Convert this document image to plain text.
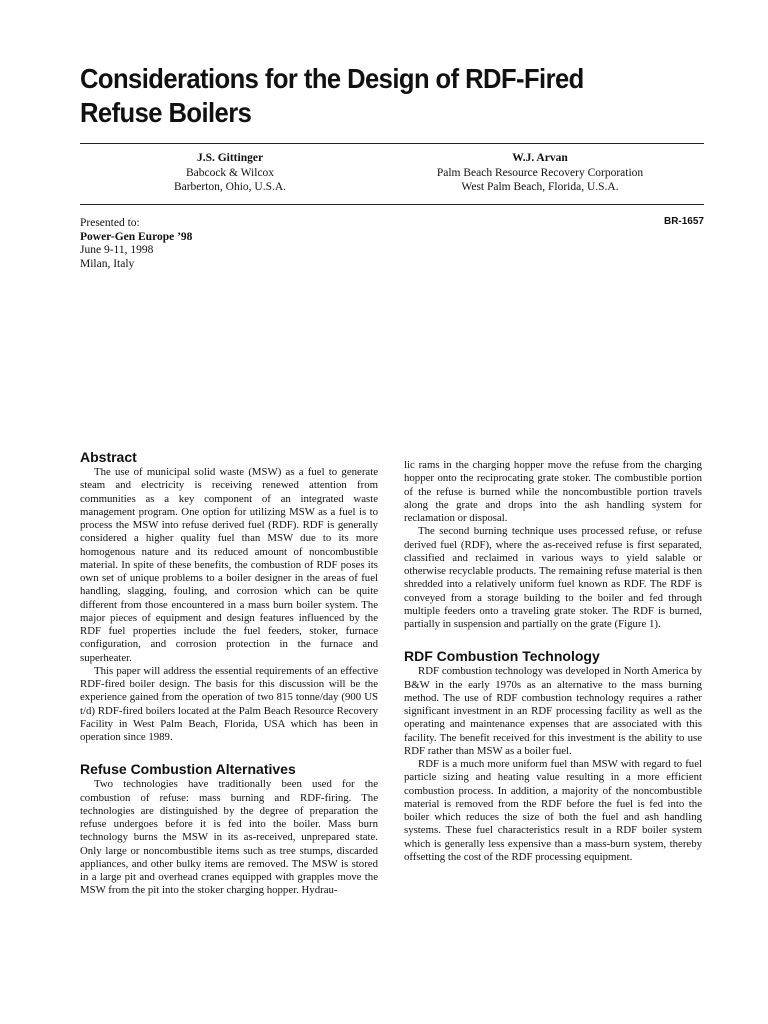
Considerations for the Design of RDF-Fired Refuse Boilers
J.S. Gittinger
Babcock & Wilcox
Barberton, Ohio, U.S.A.
W.J. Arvan
Palm Beach Resource Recovery Corporation
West Palm Beach, Florida, U.S.A.
Presented to:
Power-Gen Europe ’98
June 9-11, 1998
Milan, Italy
BR-1657
Abstract

The use of municipal solid waste (MSW) as a fuel to generate steam and electricity is receiving renewed attention from communities as a key component of an integrated waste management program. One option for utilizing MSW as a fuel is to process the MSW into refuse derived fuel (RDF). RDF is generally considered a higher quality fuel than MSW due to its more homogenous nature and its reduced amount of noncombustible material. In spite of these benefits, the combustion of RDF poses its own set of unique problems to a boiler designer in the areas of fuel handling, slagging, fouling, and corrosion which can be quite different from those encountered in a mass burn boiler system. The major pieces of equipment and design features influenced by the RDF fuel properties include the fuel feeders, stoker, furnace configuration, and corrosion protection in the furnace and superheater.

This paper will address the essential requirements of an effective RDF-fired boiler design. The basis for this discussion will be the experience gained from the operation of two 815 tonne/day (900 US t/d) RDF-fired boilers located at the Palm Beach Resource Recovery Facility in West Palm Beach, Florida, USA which has been in operation since 1989.

Refuse Combustion Alternatives

Two technologies have traditionally been used for the combustion of refuse: mass burning and RDF-firing. The technologies are distinguished by the degree of preparation the refuse undergoes before it is fed into the boiler. Mass burn technology burns the MSW in its as-received, unprepared state. Only large or noncombustible items such as tree stumps, discarded appliances, and other bulky items are removed. The MSW is stored in a large pit and overhead cranes equipped with grapples move the MSW from the pit into the stoker charging hopper. Hydrau-

lic rams in the charging hopper move the refuse from the charging hopper onto the reciprocating grate stoker. The combustible portion of the refuse is burned while the noncombustible portion travels along the grate and drops into the ash handling system for reclamation or disposal.

The second burning technique uses processed refuse, or refuse derived fuel (RDF), where the as-received refuse is first separated, classified and reclaimed in various ways to yield salable or otherwise recyclable products. The remaining refuse material is then shredded into a relatively uniform fuel known as RDF. The RDF is conveyed from a storage building to the boiler and fed through multiple feeders onto a traveling grate stoker. The RDF is burned, partially in suspension and partially on the grate (Figure 1).

RDF Combustion Technology

RDF combustion technology was developed in North America by B&W in the early 1970s as an alternative to the mass burning method. The use of RDF combustion technology requires a rather significant investment in an RDF processing facility as well as the operating and maintenance expenses that are associated with this facility. The benefit received for this investment is the ability to use RDF rather than MSW as a boiler fuel.

RDF is a much more uniform fuel than MSW with regard to fuel particle sizing and heating value resulting in a more efficient combustion process. In addition, a majority of the noncombustible material is removed from the RDF before the fuel is fed into the boiler which reduces the size of both the fuel and ash handling systems. These fuel characteristics result in a RDF boiler system which is generally less expensive than a mass-burn system, thereby offsetting the cost of the RDF processing equipment.
